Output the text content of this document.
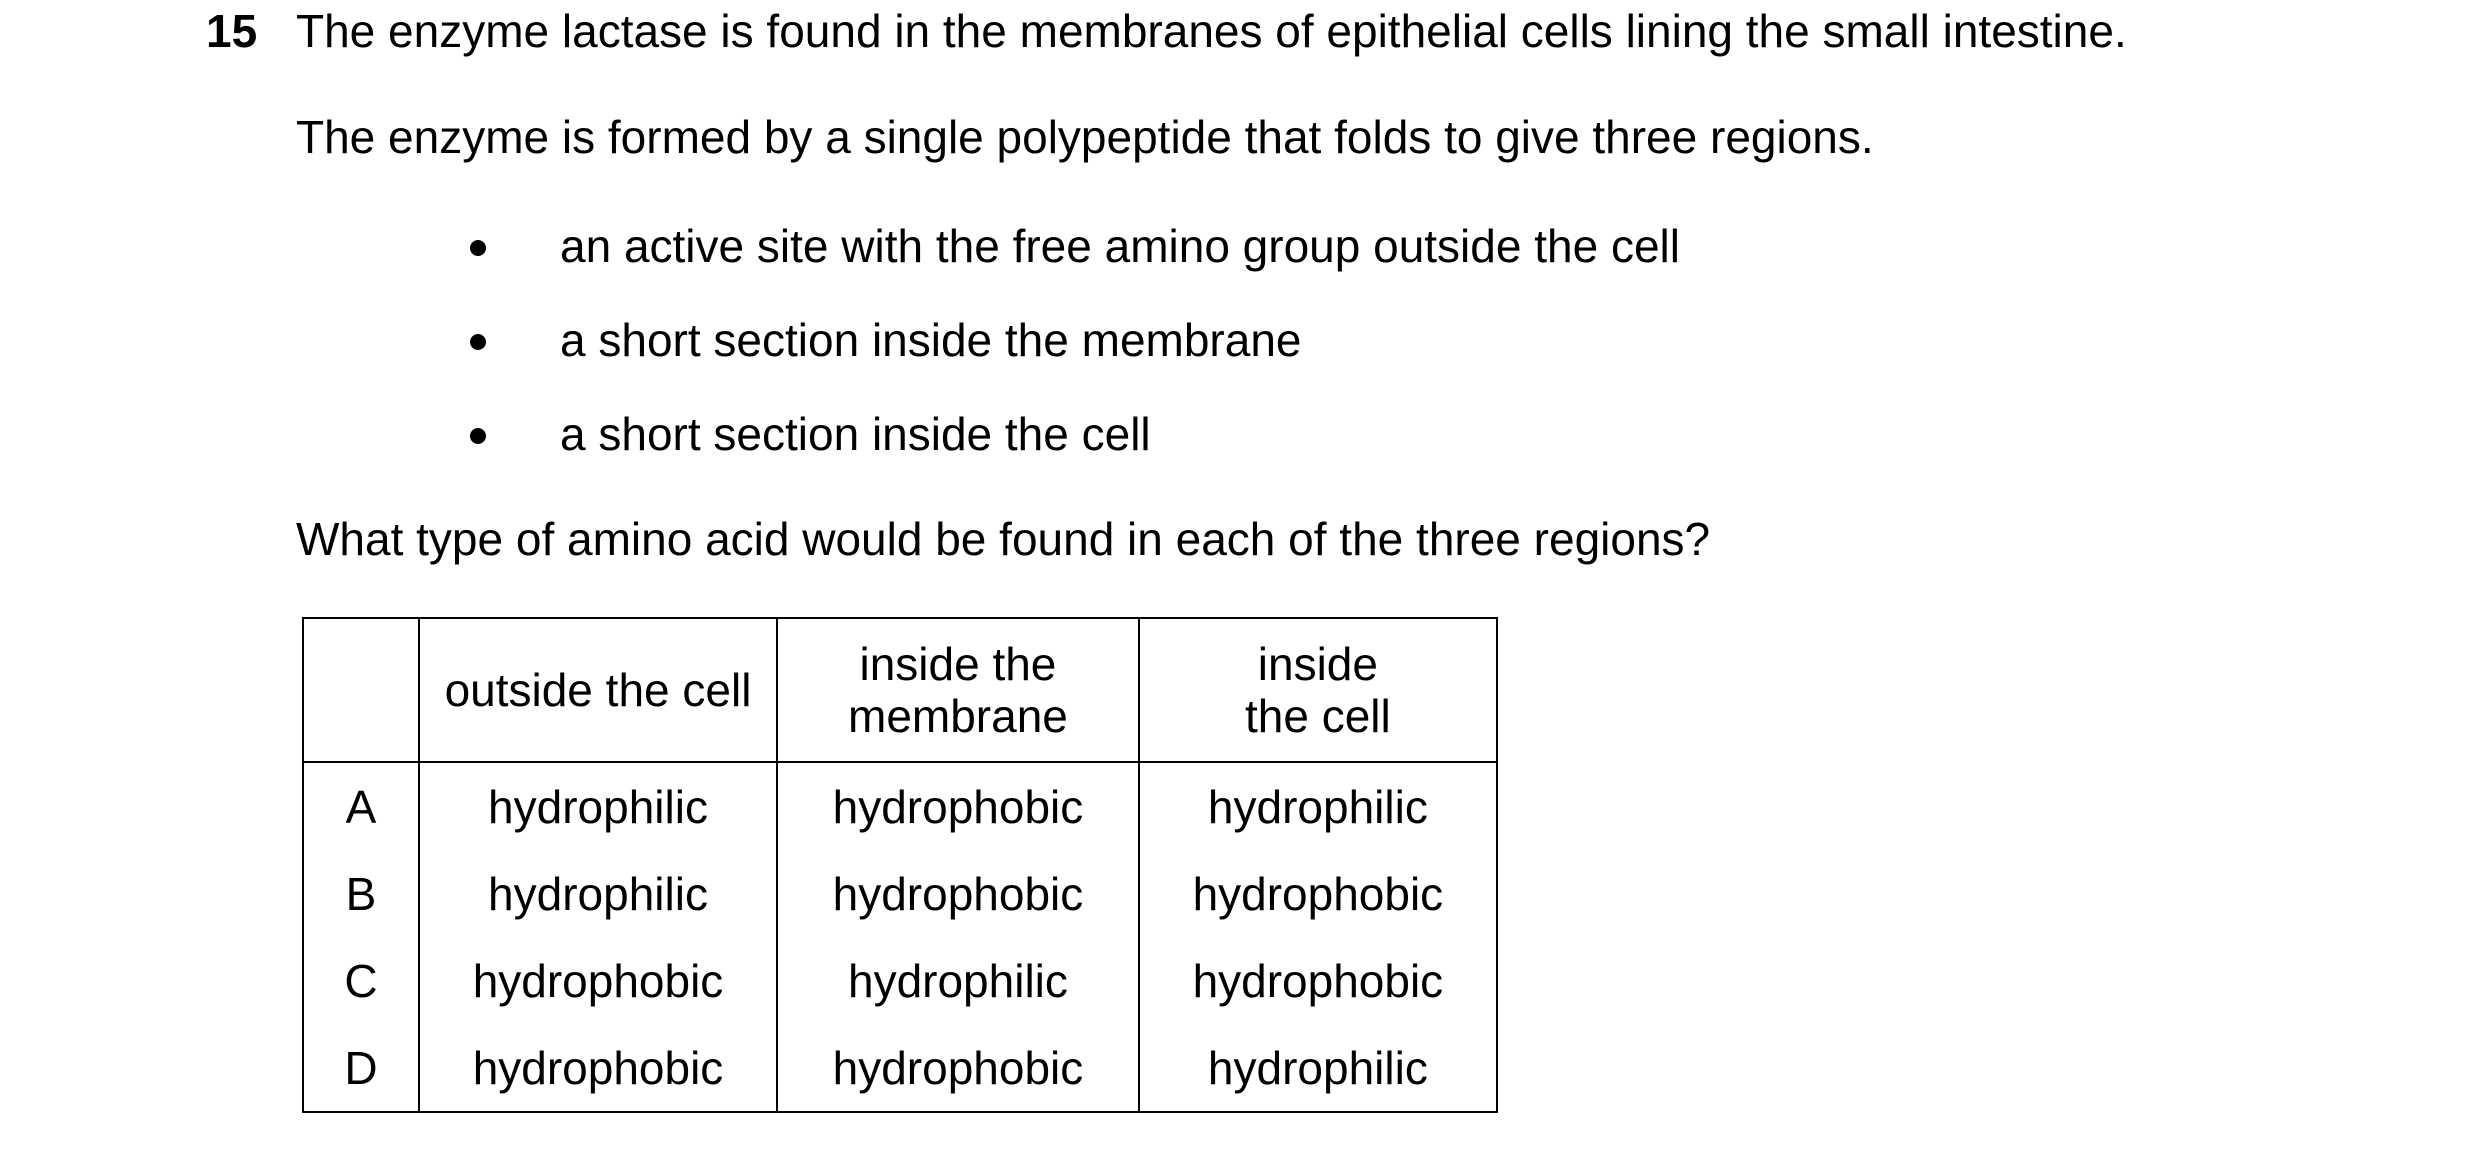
15 The enzyme lactase is found in the membranes of epithelial cells lining the small intestine.
The enzyme is formed by a single polypeptide that folds to give three regions.
an active site with the free amino group outside the cell
a short section inside the membrane
a short section inside the cell
What type of amino acid would be found in each of the three regions?
	outside the cell	inside the membrane	inside the cell
A	hydrophilic	hydrophobic	hydrophilic
B	hydrophilic	hydrophobic	hydrophobic
C	hydrophobic	hydrophilic	hydrophobic
D	hydrophobic	hydrophobic	hydrophilic
